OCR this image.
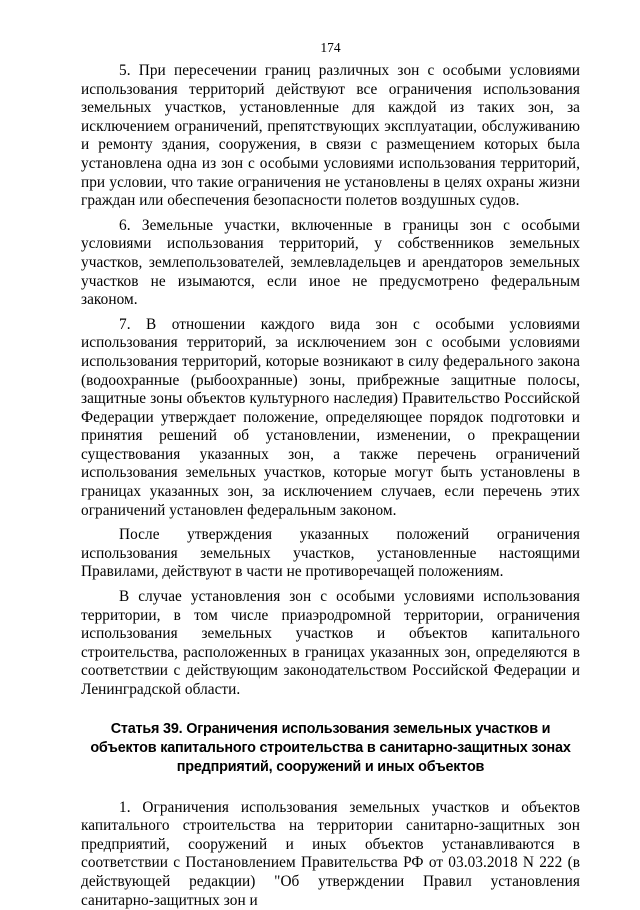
174

5. При пересечении границ различных зон с особыми условиями использования территорий действуют все ограничения использования земельных участков, установленные для каждой из таких зон, за исключением ограничений, препятствующих эксплуатации, обслуживанию и ремонту здания, сооружения, в связи с размещением которых была установлена одна из зон с особыми условиями использования территорий, при условии, что такие ограничения не установлены в целях охраны жизни граждан или обеспечения безопасности полетов воздушных судов.

6. Земельные участки, включенные в границы зон с особыми условиями использования территорий, у собственников земельных участков, землепользователей, землевладельцев и арендаторов земельных участков не изымаются, если иное не предусмотрено федеральным законом.

7. В отношении каждого вида зон с особыми условиями использования территорий, за исключением зон с особыми условиями использования территорий, которые возникают в силу федерального закона (водоохранные (рыбоохранные) зоны, прибрежные защитные полосы, защитные зоны объектов культурного наследия) Правительство Российской Федерации утверждает положение, определяющее порядок подготовки и принятия решений об установлении, изменении, о прекращении существования указанных зон, а также перечень ограничений использования земельных участков, которые могут быть установлены в границах указанных зон, за исключением случаев, если перечень этих ограничений установлен федеральным законом.

После утверждения указанных положений ограничения использования земельных участков, установленные настоящими Правилами, действуют в части не противоречащей положениям.

В случае установления зон с особыми условиями использования территории, в том числе приаэродромной территории, ограничения использования земельных участков и объектов капитального строительства, расположенных в границах указанных зон, определяются в соответствии с действующим законодательством Российской Федерации и Ленинградской области.

Статья 39. Ограничения использования земельных участков и объектов капитального строительства в санитарно-защитных зонах предприятий, сооружений и иных объектов

1. Ограничения использования земельных участков и объектов капитального строительства на территории санитарно-защитных зон предприятий, сооружений и иных объектов устанавливаются в соответствии с Постановлением Правительства РФ от 03.03.2018 N 222 (в действующей редакции) "Об утверждении Правил установления санитарно-защитных зон и
